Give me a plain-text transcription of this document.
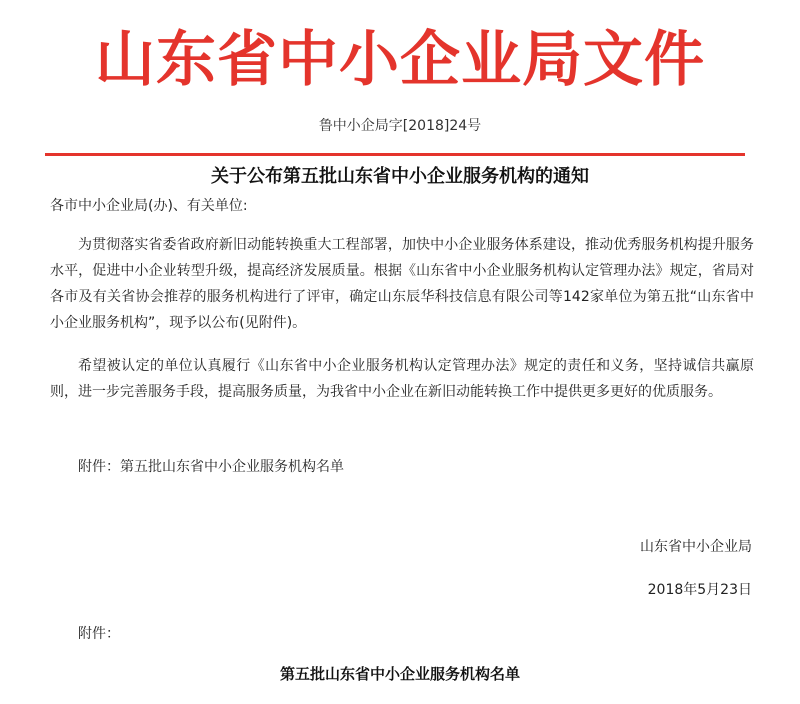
山东省中小企业局文件
鲁中小企局字[2018]24号
关于公布第五批山东省中小企业服务机构的通知
各市中小企业局(办)、有关单位:

为贯彻落实省委省政府新旧动能转换重大工程部署，加快中小企业服务体系建设，推动优秀服务机构提升服务水平，促进中小企业转型升级，提高经济发展质量。根据《山东省中小企业服务机构认定管理办法》规定，省局对各市及有关省协会推荐的服务机构进行了评审，确定山东辰华科技信息有限公司等142家单位为第五批“山东省中小企业服务机构”，现予以公布(见附件)。

希望被认定的单位认真履行《山东省中小企业服务机构认定管理办法》规定的责任和义务，坚持诚信共赢原则，进一步完善服务手段，提高服务质量，为我省中小企业在新旧动能转换工作中提供更多更好的优质服务。

附件：第五批山东省中小企业服务机构名单
山东省中小企业局
2018年5月23日
附件：
第五批山东省中小企业服务机构名单
